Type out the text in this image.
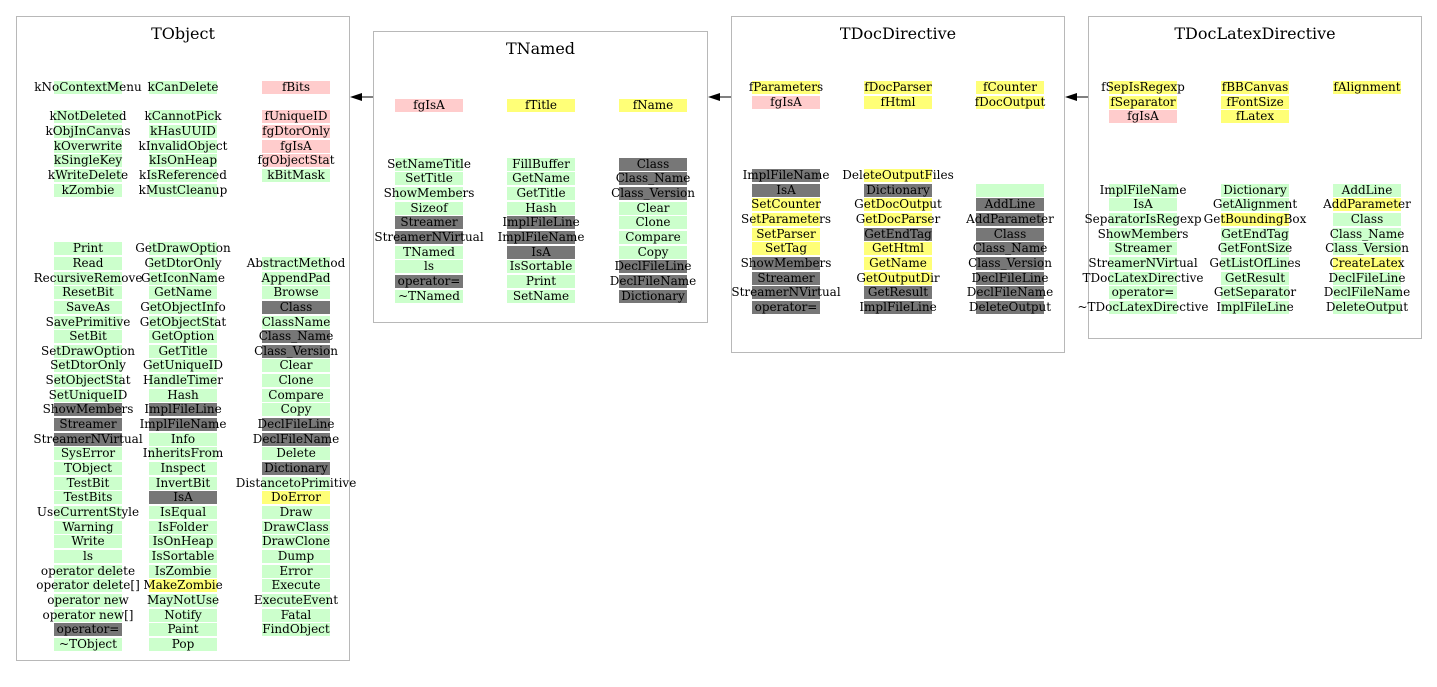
TObject
kNoContextMenu
kNotDeleted
kObjInCanvas
kOverwrite
kSingleKey
kWriteDelete
kZombie
Print
Read
RecursiveRemove
ResetBit
SaveAs
SavePrimitive
SetBit
SetDrawOption
SetDtorOnly
SetObjectStat
SetUniqueID
ShowMembers
Streamer
StreamerNVirtual
SysError
TObject
TestBit
TestBits
UseCurrentStyle
Warning
Write
ls
operator delete
operator delete[]
operator new
operator new[]
operator=
~TObject
kCanDelete
kCannotPick
kHasUUID
kInvalidObject
kIsOnHeap
kIsReferenced
kMustCleanup
GetDrawOption
GetDtorOnly
GetIconName
GetName
GetObjectInfo
GetObjectStat
GetOption
GetTitle
GetUniqueID
HandleTimer
Hash
ImplFileLine
ImplFileName
Info
InheritsFrom
Inspect
InvertBit
IsA
IsEqual
IsFolder
IsOnHeap
IsSortable
IsZombie
MakeZombie
MayNotUse
Notify
Paint
Pop
fBits
fUniqueID
fgDtorOnly
fgIsA
fgObjectStat
kBitMask
AbstractMethod
AppendPad
Browse
Class
ClassName
Class_Name
Class_Version
Clear
Clone
Compare
Copy
DeclFileLine
DeclFileName
Delete
Dictionary
DistancetoPrimitive
DoError
Draw
DrawClass
DrawClone
Dump
Error
Execute
ExecuteEvent
Fatal
FindObject
TNamed
fgIsA
SetNameTitle
SetTitle
ShowMembers
Sizeof
Streamer
StreamerNVirtual
TNamed
ls
operator=
~TNamed
fTitle
FillBuffer
GetName
GetTitle
Hash
ImplFileLine
ImplFileName
IsA
IsSortable
Print
SetName
fName
Class
Class_Name
Class_Version
Clear
Clone
Compare
Copy
DeclFileLine
DeclFileName
Dictionary
TDocDirective
fParameters
fgIsA
ImplFileName
IsA
SetCounter
SetParameters
SetParser
SetTag
ShowMembers
Streamer
StreamerNVirtual
operator=
fDocParser
fHtml
DeleteOutputFiles
Dictionary
GetDocOutput
GetDocParser
GetEndTag
GetHtml
GetName
GetOutputDir
GetResult
ImplFileLine
fCounter
fDocOutput
AddLine
AddParameter
Class
Class_Name
Class_Version
DeclFileLine
DeclFileName
DeleteOutput
TDocLatexDirective
fSepIsRegexp
fSeparator
fgIsA
ImplFileName
IsA
SeparatorIsRegexp
ShowMembers
Streamer
StreamerNVirtual
TDocLatexDirective
operator=
~TDocLatexDirective
fBBCanvas
fFontSize
fLatex
Dictionary
GetAlignment
GetBoundingBox
GetEndTag
GetFontSize
GetListOfLines
GetResult
GetSeparator
ImplFileLine
fAlignment
AddLine
AddParameter
Class
Class_Name
Class_Version
CreateLatex
DeclFileLine
DeclFileName
DeleteOutput
